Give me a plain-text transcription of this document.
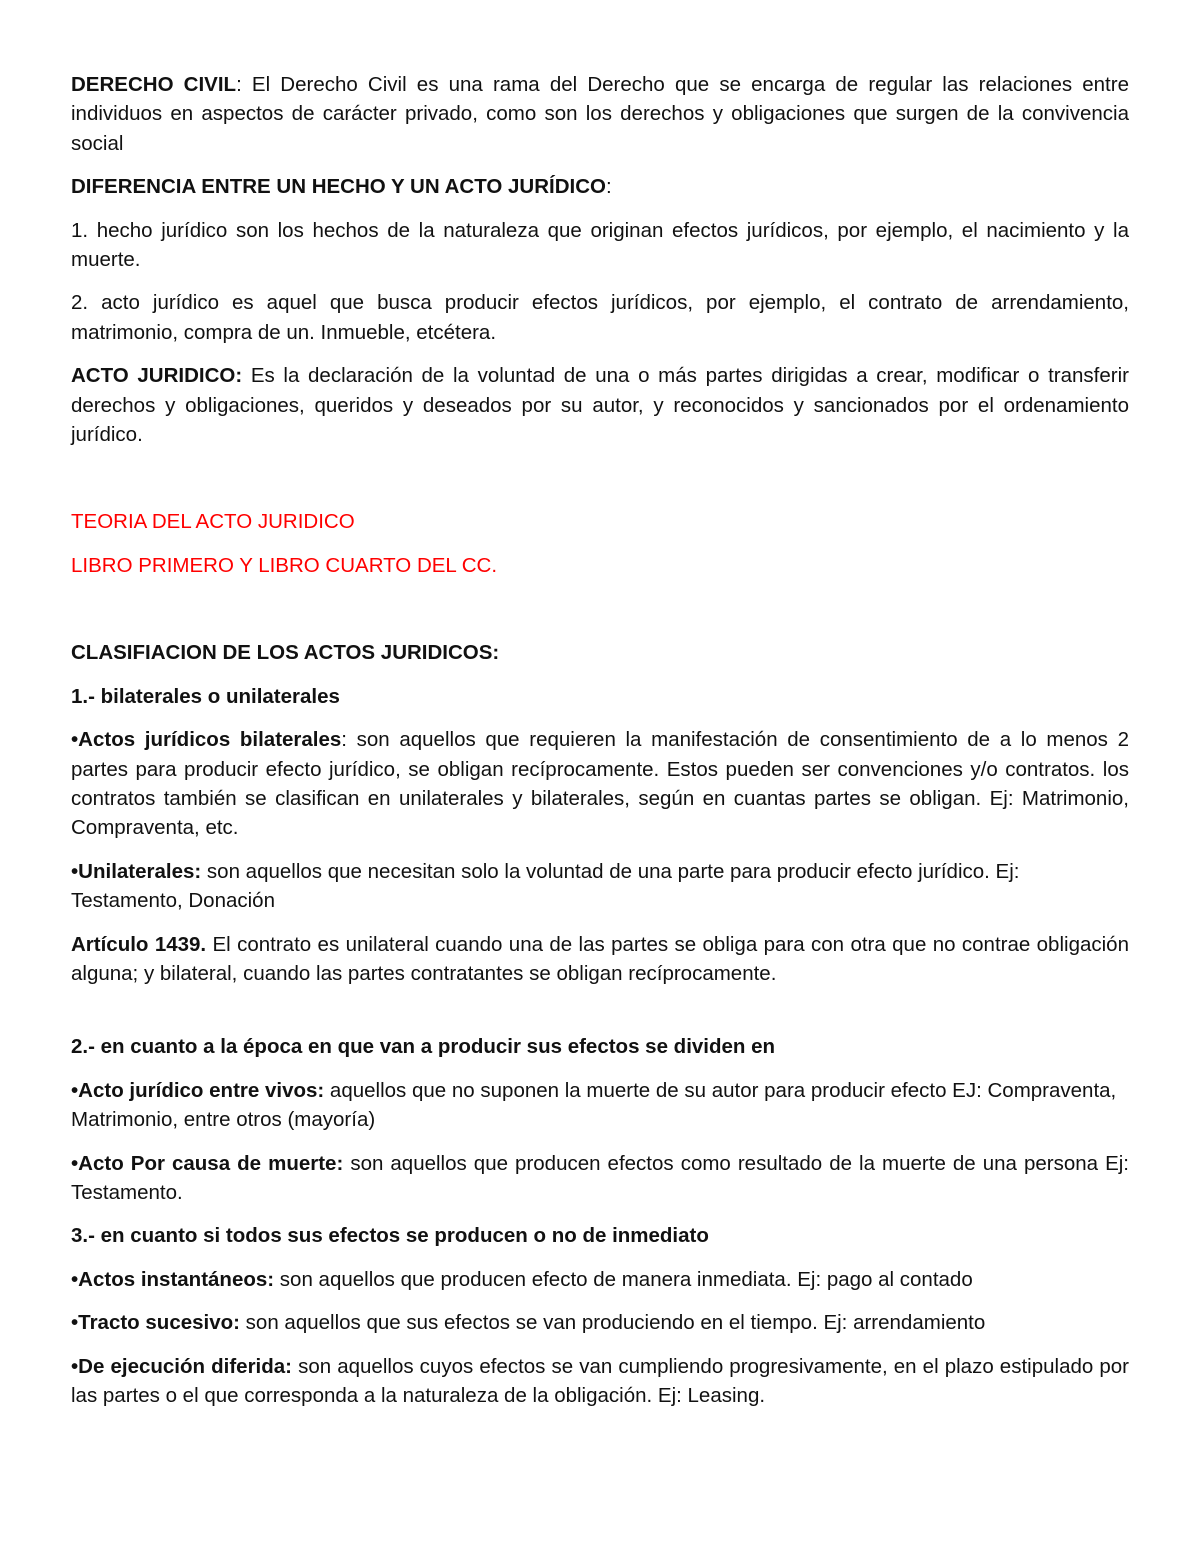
DERECHO CIVIL: El Derecho Civil es una rama del Derecho que se encarga de regular las relaciones entre individuos en aspectos de carácter privado, como son los derechos y obligaciones que surgen de la convivencia social

DIFERENCIA ENTRE UN HECHO Y UN ACTO JURÍDICO:

1. hecho jurídico son los hechos de la naturaleza que originan efectos jurídicos, por ejemplo, el nacimiento y la muerte.

2. acto jurídico es aquel que busca producir efectos jurídicos, por ejemplo, el contrato de arrendamiento, matrimonio, compra de un. Inmueble, etcétera.

ACTO JURIDICO: Es la declaración de la voluntad de una o más partes dirigidas a crear, modificar o transferir derechos y obligaciones, queridos y deseados por su autor, y reconocidos y sancionados por el ordenamiento jurídico.

TEORIA DEL ACTO JURIDICO

LIBRO PRIMERO Y LIBRO CUARTO DEL CC.

CLASIFIACION DE LOS ACTOS JURIDICOS:

1.- bilaterales o unilaterales

•Actos jurídicos bilaterales: son aquellos que requieren la manifestación de consentimiento de a lo menos 2 partes para producir efecto jurídico, se obligan recíprocamente. Estos pueden ser convenciones y/o contratos. los contratos también se clasifican en unilaterales y bilaterales, según en cuantas partes se obligan. Ej: Matrimonio, Compraventa, etc.

•Unilaterales: son aquellos que necesitan solo la voluntad de una parte para producir efecto jurídico. Ej: Testamento, Donación

Artículo 1439. El contrato es unilateral cuando una de las partes se obliga para con otra que no contrae obligación alguna; y bilateral, cuando las partes contratantes se obligan recíprocamente.

2.- en cuanto a la época en que van a producir sus efectos se dividen en

•Acto jurídico entre vivos: aquellos que no suponen la muerte de su autor para producir efecto EJ: Compraventa, Matrimonio, entre otros (mayoría)

•Acto Por causa de muerte: son aquellos que producen efectos como resultado de la muerte de una persona Ej: Testamento.

3.- en cuanto si todos sus efectos se producen o no de inmediato

•Actos instantáneos: son aquellos que producen efecto de manera inmediata. Ej: pago al contado

•Tracto sucesivo: son aquellos que sus efectos se van produciendo en el tiempo. Ej: arrendamiento

•De ejecución diferida: son aquellos cuyos efectos se van cumpliendo progresivamente, en el plazo estipulado por las partes o el que corresponda a la naturaleza de la obligación. Ej: Leasing.
